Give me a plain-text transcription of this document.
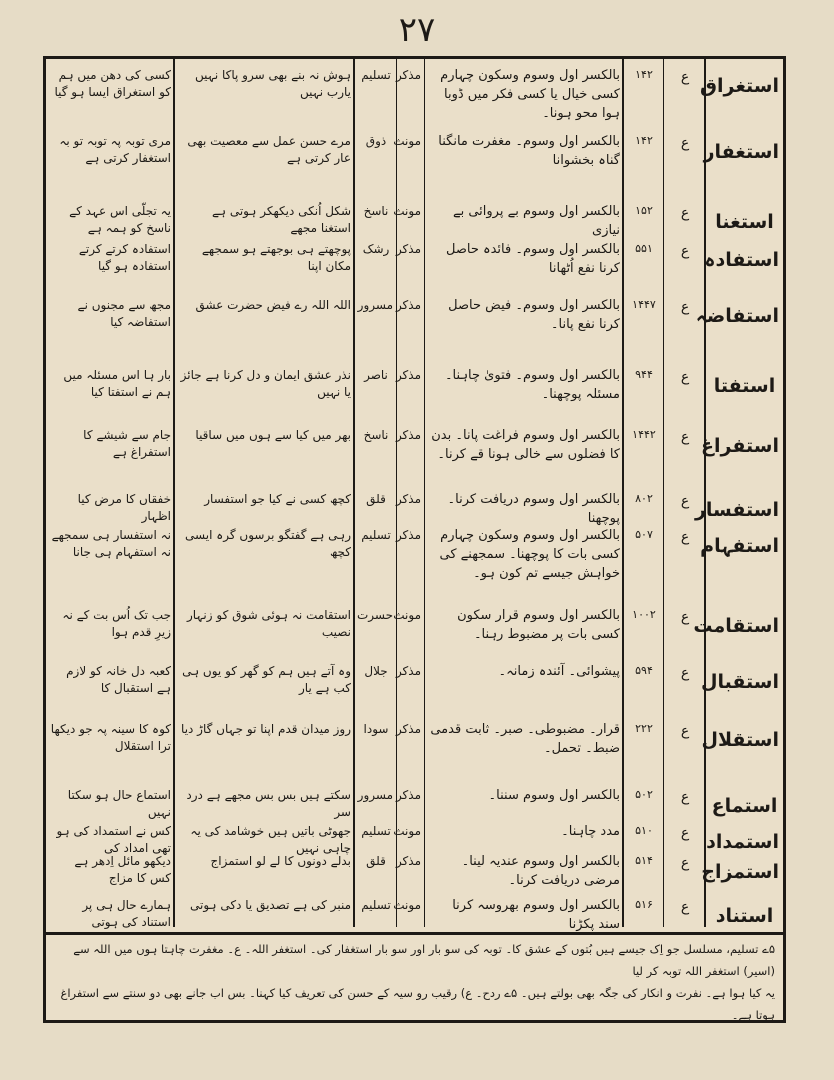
۲۷
استغراق
ع
۱۴۲
بالکسر اول وسوم وسکون چہارم کسی خیال یا کسی فکر میں ڈوبا ہوا محو ہونا۔
مذکر
تسلیم
ہوش نہ بنے بھی سرو پاکا نہیں یارب نہیں
کسی کی دھن میں ہم کو استغراق ایسا ہو گیا
استغفار
ع
۱۴۲
بالکسر اول وسوم۔ مغفرت مانگنا گناہ بخشوانا
مونث
ذوق
مرے حسن عمل سے معصیت بھی عار کرتی ہے
مری توبہ پہ توبہ تو بہ استغفار کرتی ہے
استغنا
ع
۱۵۲
بالکسر اول وسوم بے پروائی بے نیازی
مونث
ناسخ
شکل اُنکی دیکھکر ہوتی ہے استغنا مجھے
یہ تجلّی اس عہد کے ناسخ کو ہمہ ہے
استفادہ
ع
۵۵۱
بالکسر اول وسوم۔ فائدہ حاصل کرنا نفع اُٹھانا
مذکر
رشک
پوچھتے ہی بوجھتے ہو سمجھے مکان اپنا
استفادہ کرتے کرتے استفادہ ہو گیا
استفاضہ
ع
۱۴۴۷
بالکسر اول وسوم۔ فیض حاصل کرنا نفع پانا۔
مذکر
مسرور
اللہ اللہ رے فیض حضرت عشق
مجھ سے مجنوں نے استفاضہ کیا
استفتا
ع
۹۴۴
بالکسر اول وسوم۔ فتویٰ چاہنا۔ مسئلہ پوچھنا۔
مذکر
ناصر
نذر عشق ایمان و دل کرنا ہے جائز یا نہیں
بار ہا اس مسئلہ میں ہم نے استفتا کیا
استفراغ
ع
۱۴۴۲
بالکسر اول وسوم فراغت پانا۔ بدن کا فضلوں سے خالی ہونا قے کرنا۔
مذکر
ناسخ
بھر میں کیا سے ہوں میں ساقیا
جام سے شیشے کا استفراغ ہے
استفسار
ع
۸۰۲
بالکسر اول وسوم دریافت کرنا۔ پوچھنا
مذکر
قلق
کچھ کسی نے کیا جو استفسار
خفقاں کا مرض کیا اظہار
استفہام
ع
۵۰۷
بالکسر اول وسوم وسکون چہارم کسی بات کا پوچھنا۔ سمجھنے کی خواہش جیسے تم کون ہو۔
مذکر
تسلیم
رہی ہے گفتگو برسوں گرہ ایسی کچھ
نہ استفسار ہی سمجھے نہ استفہام ہی جانا
استقامت
ع
۱۰۰۲
بالکسر اول وسوم قرار سکون کسی بات پر مضبوط رہنا۔
مونث
حسرت
استقامت نہ ہوئی شوق کو زنہار نصیب
جب تک اُس بت کے نہ زیرِ قدم ہوا
استقبال
ع
۵۹۴
پیشوائی۔ آئندہ زمانہ۔
مذکر
جلال
وہ آتے ہیں ہم کو گھر کو یوں ہی کب ہے یار
کعبہ دل خانہ کو لازم ہے استقبال کا
استقلال
ع
۲۲۲
قرار۔ مضبوطی۔ صبر۔ ثابت قدمی ضبط۔ تحمل۔
مذکر
سودا
روز میدان قدم اپنا تو جہاں گاڑ دیا
کوہ کا سینہ پہ جو دیکھا ترا استقلال
استماع
ع
۵۰۲
بالکسر اول وسوم سننا۔
مذکر
مسرور
سکتے ہیں بس بس مجھے ہے درد سر
استماع حال ہو سکتا نہیں
استمداد
ع
۵۱۰
مدد چاہنا۔
مونث
تسلیم
جھوٹی باتیں ہیں خوشامد کی یہ چاہی نہیں
کس نے استمداد کی ہو تھی امداد کی
استمزاج
ع
۵۱۴
بالکسر اول وسوم عندیہ لینا۔ مرضی دریافت کرنا۔
مذکر
قلق
بدلے دونوں کا لے لو استمزاج
دیکھو مائل اِدھر ہے کس کا مزاج
استناد
ع
۵۱۶
بالکسر اول وسوم بھروسہ کرنا سند پکڑنا
مونث
تسلیم
منبر کی ہے تصدیق یا دکی ہوتی
ہمارے حال ہی پر استناد کی ہوتی
۵ے تسلیم، مسلسل جو اِک جیسے ہیں بُتوں کے عشق کا۔ توبہ کی سو بار اور سو بار استغفار کی۔ استغفر اللہ۔ ع۔ مغفرت چاہتا ہوں میں اللہ سے (اسیر) استغفر اللہ توبہ کر لیا
یہ کیا ہوا ہے۔ نفرت و انکار کی جگہ بھی بولتے ہیں۔ ۵ے ردح۔ ع) رقیب رو سیہ کے حسن کی تعریف کیا کہنا۔ بس اب جانے بھی دو سنتے سے استفراغ ہوتا ہے۔
